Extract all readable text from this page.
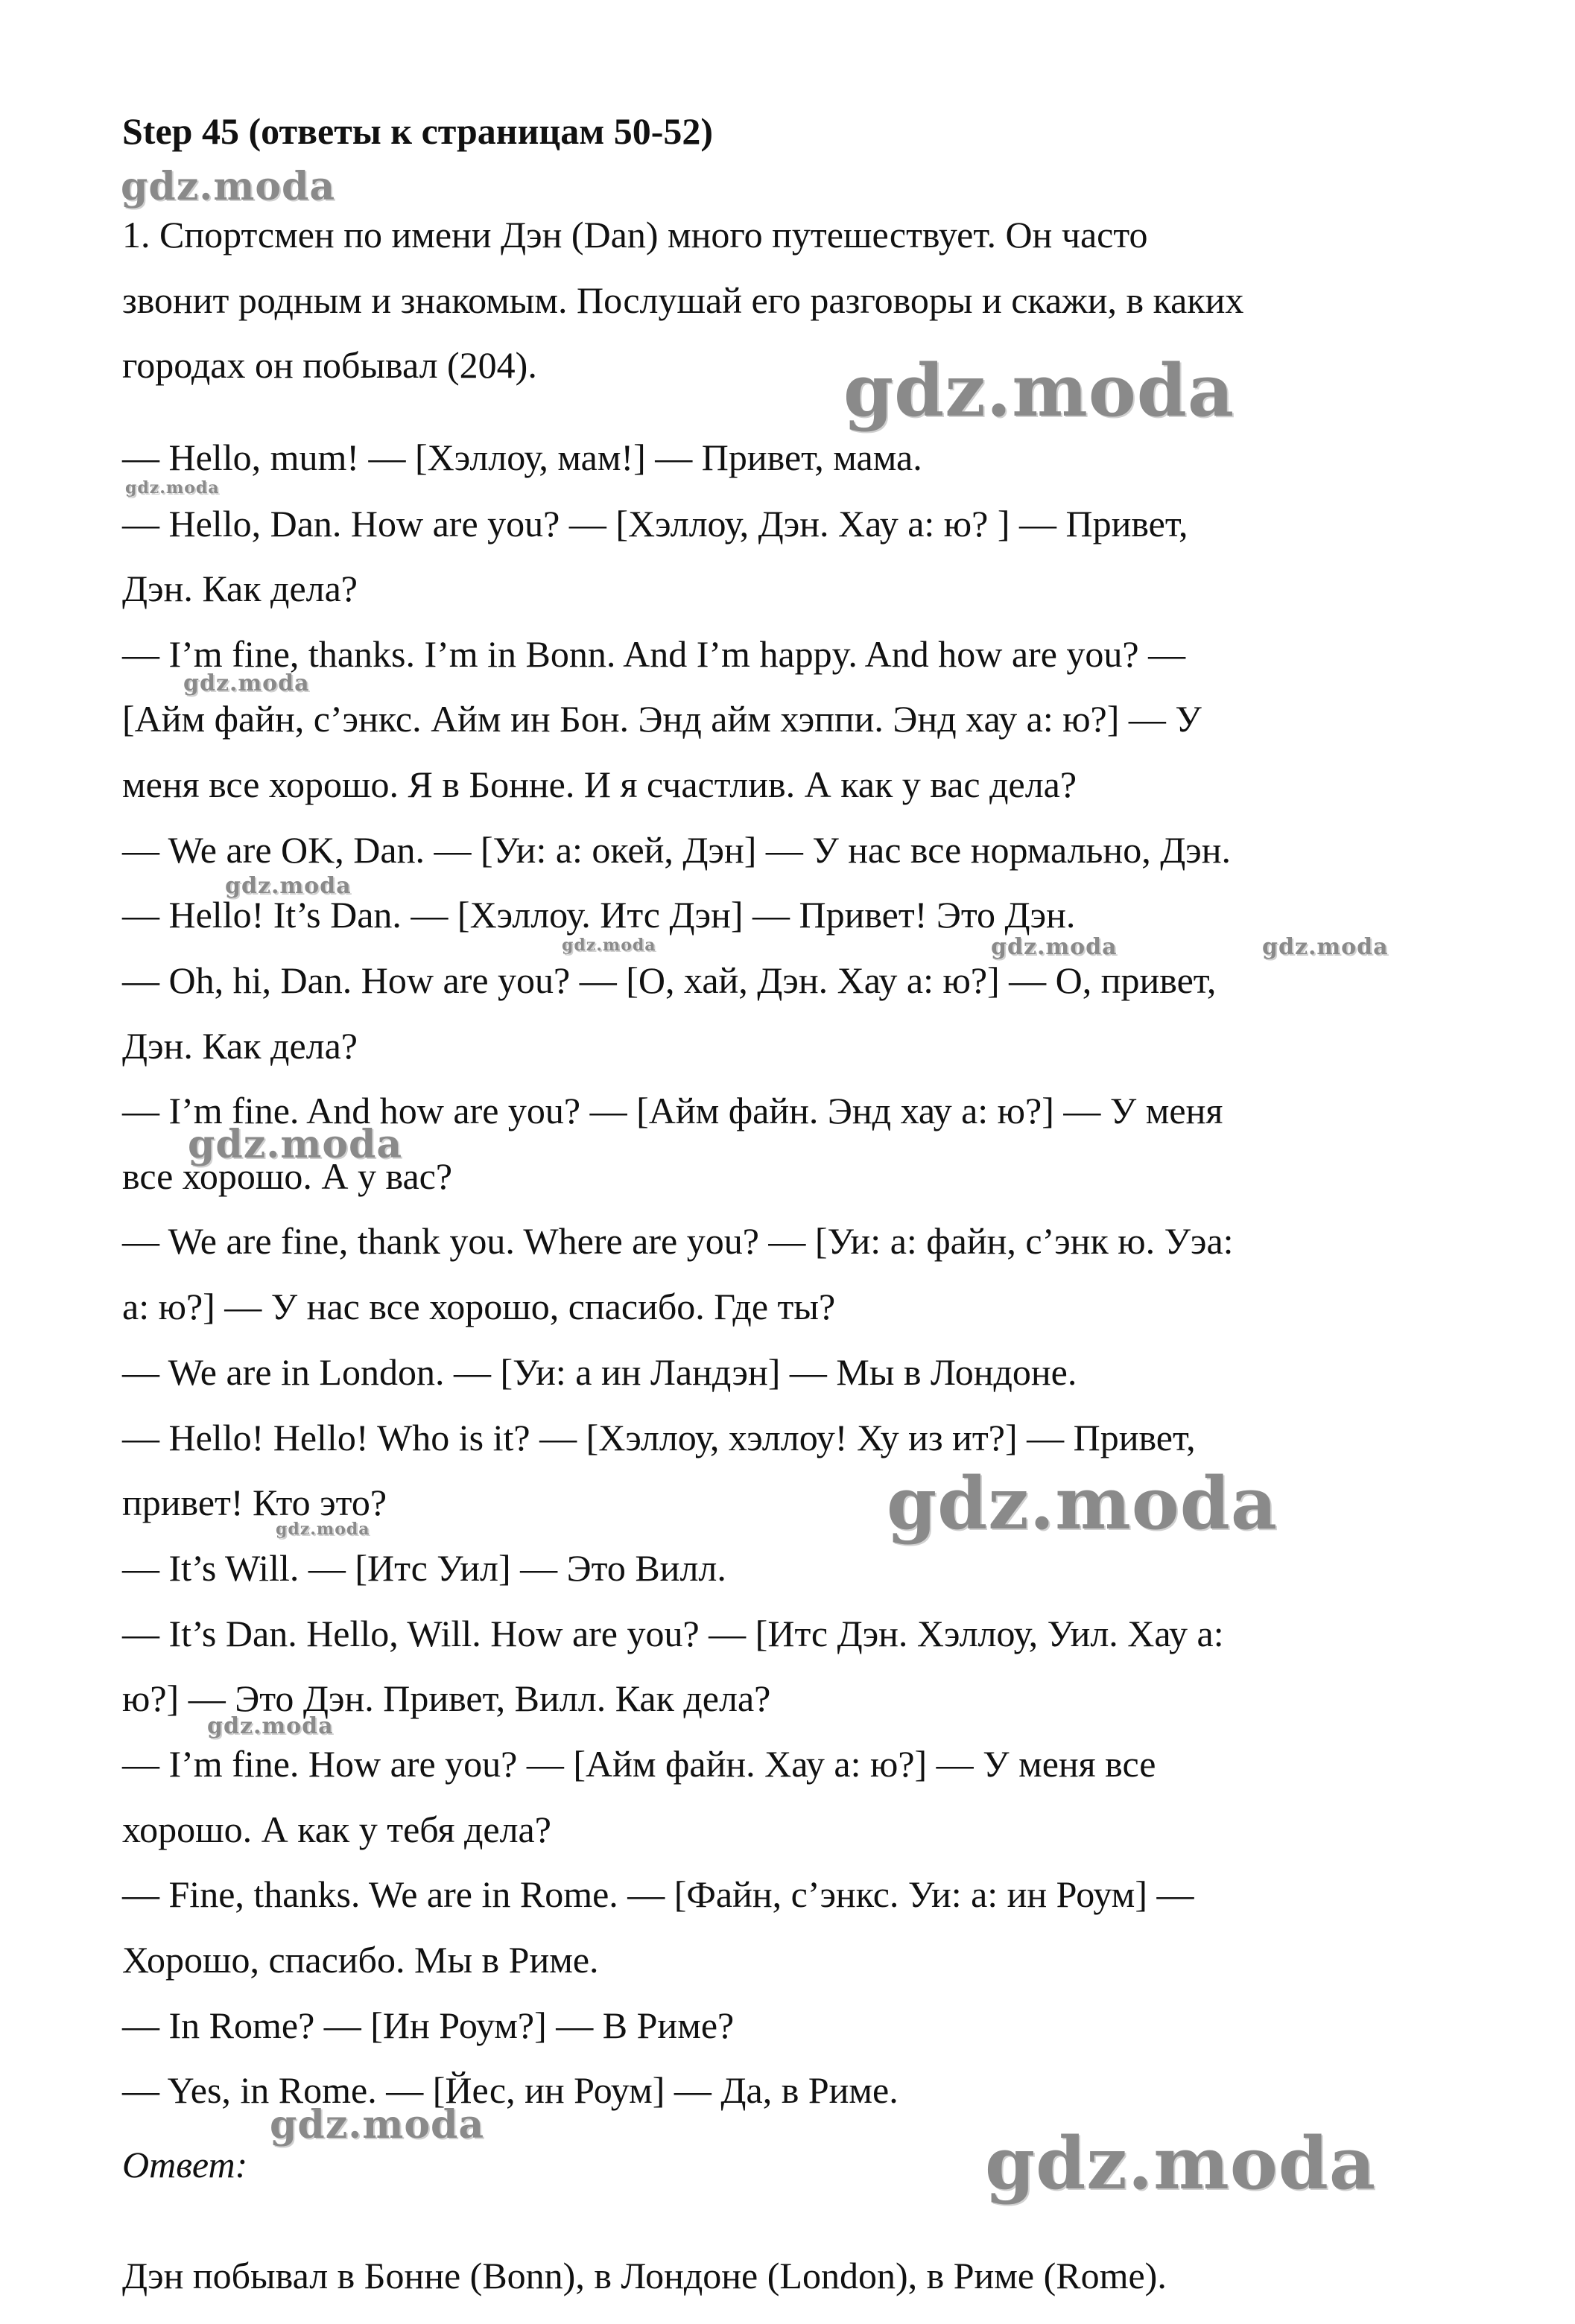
Step 45 (ответы к страницам 50-52)
1. Спортсмен по имени Дэн (Dan) много путешествует. Он часто
звонит родным и знакомым. Послушай его разговоры и скажи, в каких
городах он побывал (204).
— Hello, mum! — [Хэллоу, мам!] — Привет, мама.
— Hello, Dan. How are you? — [Хэллоу, Дэн. Хау а: ю? ] — Привет,
Дэн. Как дела?
— I’m fine, thanks. I’m in Bonn. And I’m happy. And how are you? —
[Айм файн, с’энкс. Айм ин Бон. Энд айм хэппи. Энд хау а: ю?] — У
меня все хорошо. Я в Бонне. И я счастлив. А как у вас дела?
— We are OK, Dan. — [Уи: а: окей, Дэн] — У нас все нормально, Дэн.
— Hello! It’s Dan. — [Хэллоу. Итс Дэн] — Привет! Это Дэн.
— Oh, hi, Dan. How are you? — [О, хай, Дэн. Хау а: ю?] — О, привет,
Дэн. Как дела?
— I’m fine. And how are you? — [Айм файн. Энд хау а: ю?] — У меня
все хорошо. А у вас?
— We are fine, thank you. Where are you? — [Уи: а: файн, с’энк ю. Уэа:
а: ю?] — У нас все хорошо, спасибо. Где ты?
— We are in London. — [Уи: а ин Ландэн] — Мы в Лондоне.
— Hello! Hello! Who is it? — [Хэллоу, хэллоу! Ху из ит?] — Привет,
привет! Кто это?
— It’s Will. — [Итс Уил] — Это Вилл.
— It’s Dan. Hello, Will. How are you? — [Итс Дэн. Хэллоу, Уил. Хау а:
ю?] — Это Дэн. Привет, Вилл. Как дела?
— I’m fine. How are you? — [Айм файн. Хау а: ю?] — У меня все
хорошо. А как у тебя дела?
— Fine, thanks. We are in Rome. — [Файн, с’энкс. Уи: а: ин Роум] —
Хорошо, спасибо. Мы в Риме.
— In Rome? — [Ин Роум?] — В Риме?
— Yes, in Rome. — [Йес, ин Роум] — Да, в Риме.
Ответ:
Дэн побывал в Бонне (Bonn), в Лондоне (London), в Риме (Rome).
gdz.moda
gdz.moda
gdz.moda
gdz.moda
gdz.moda
gdz.moda	gdz.moda	gdz.moda
gdz.moda
gdz.moda
gdz.moda
gdz.moda
gdz.moda	gdz.moda
